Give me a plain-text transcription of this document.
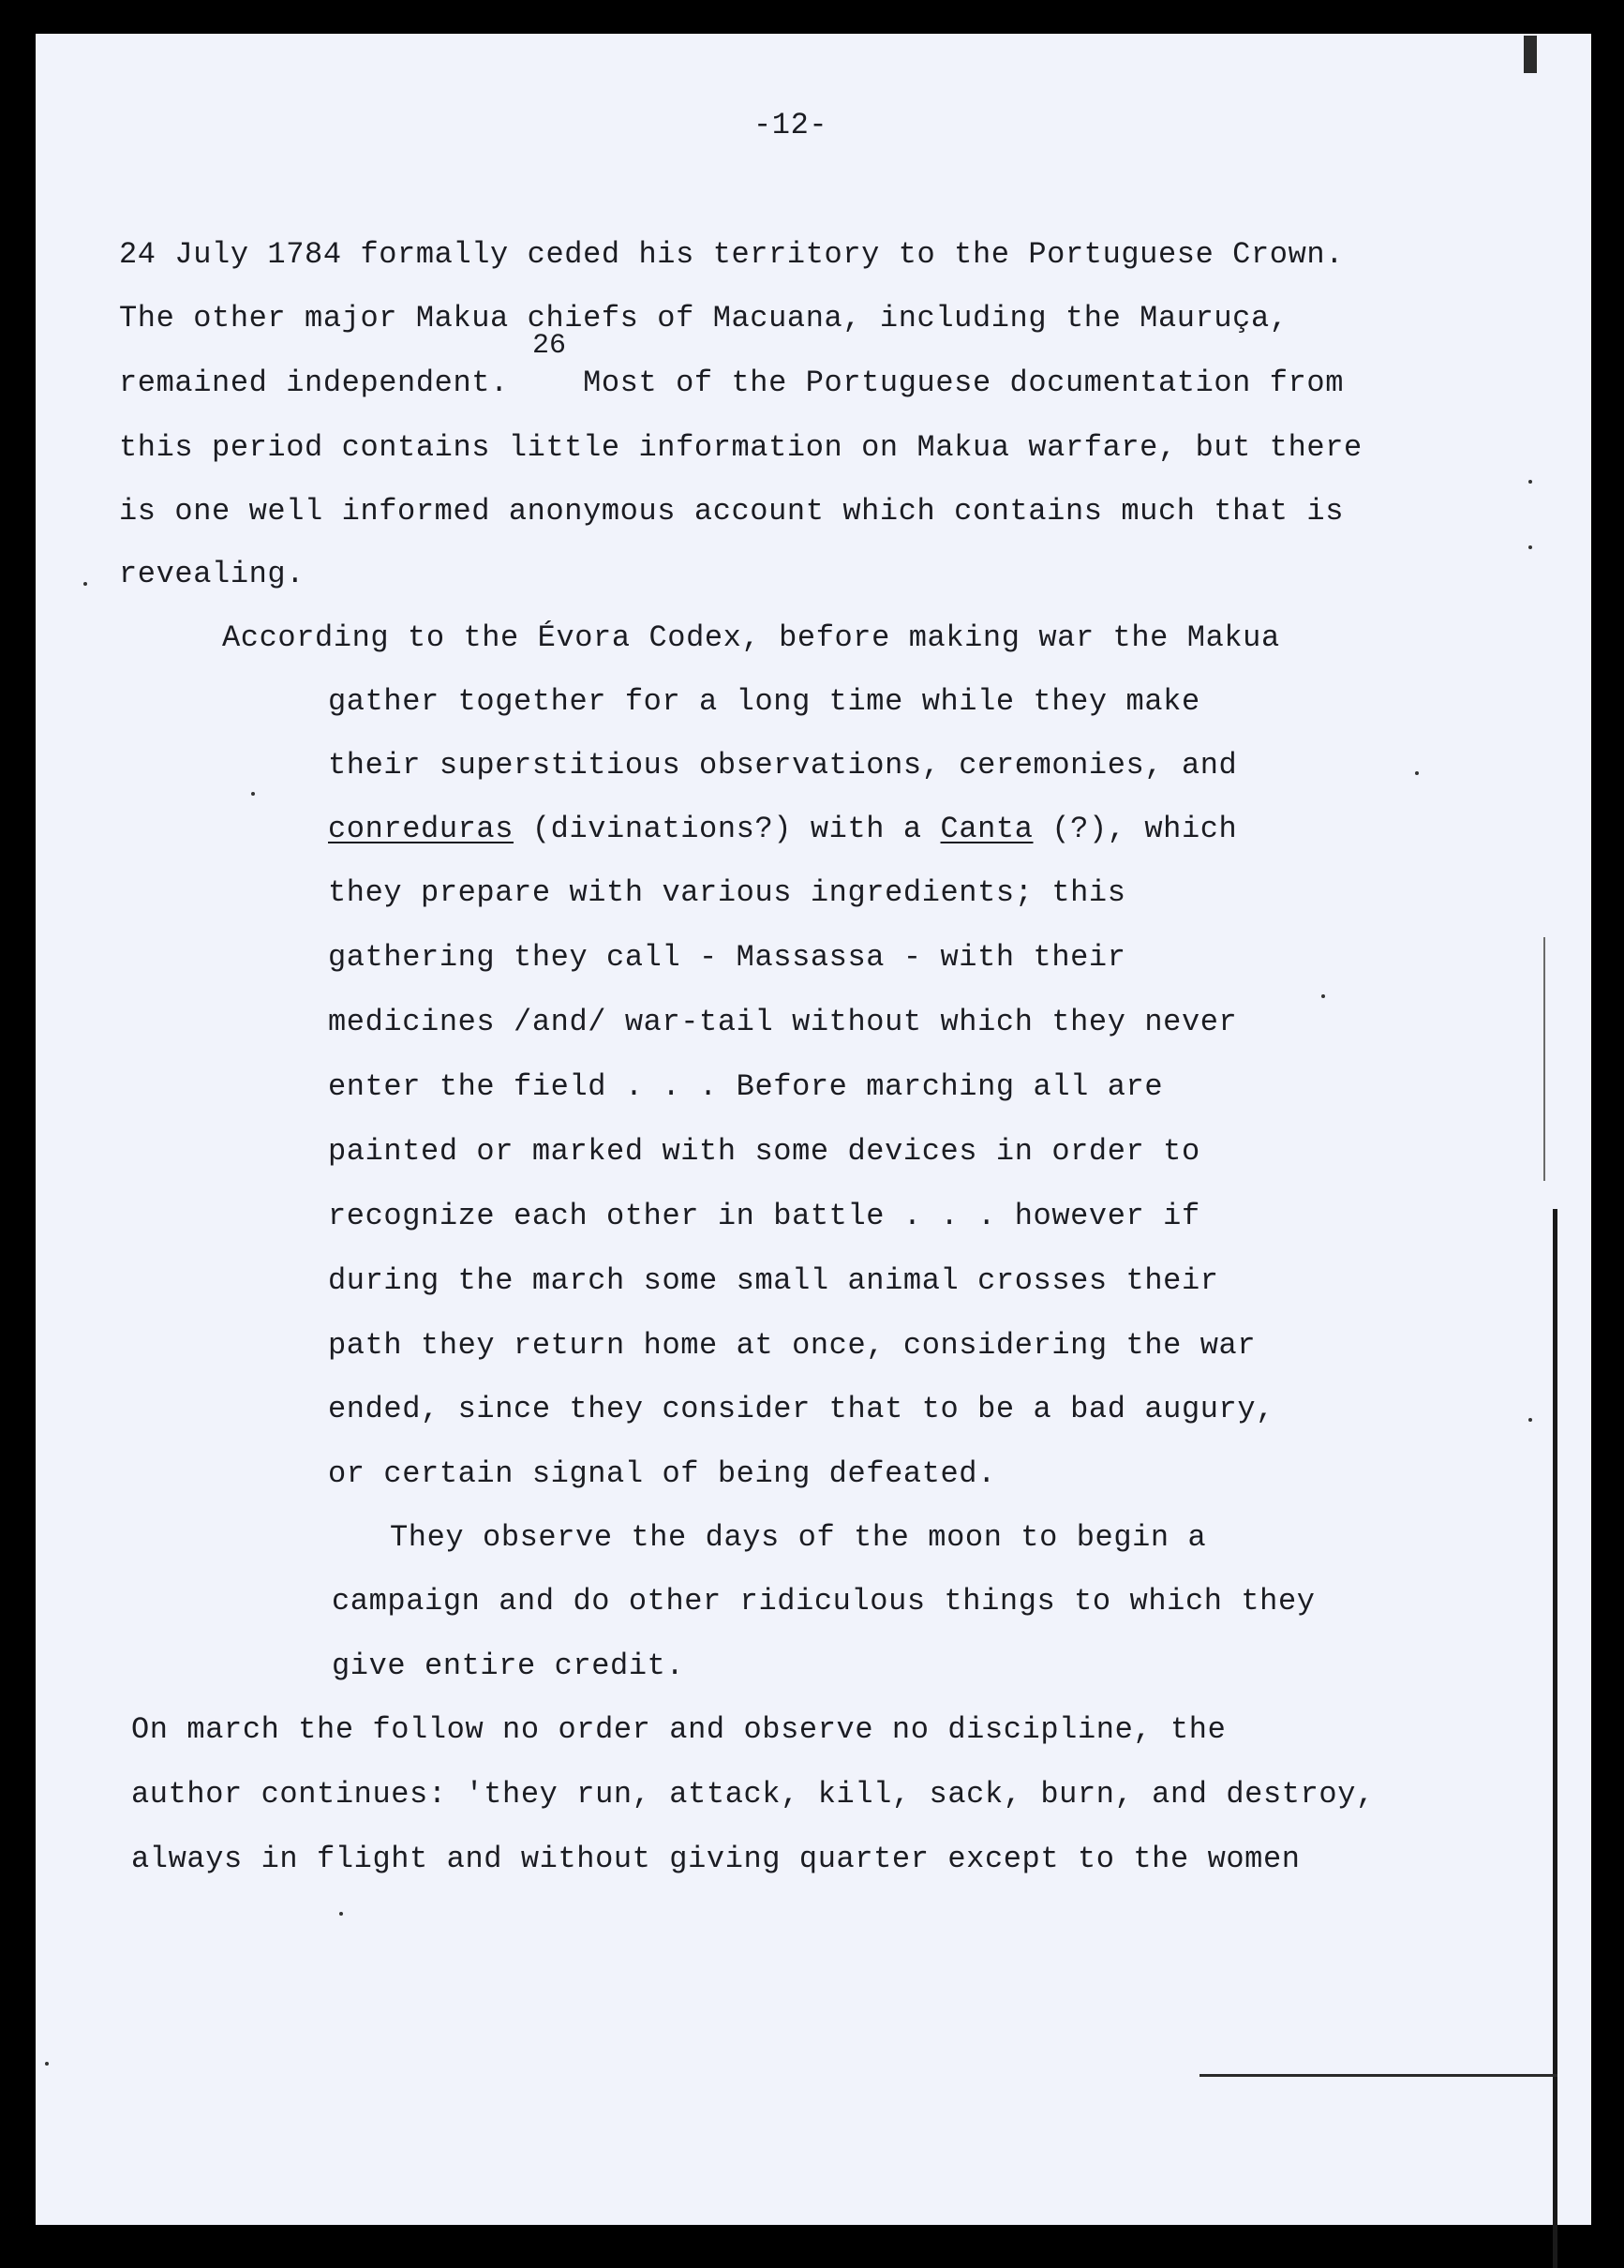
-12-
24 July 1784 formally ceded his territory to the Portuguese Crown.
The other major Makua chiefs of Macuana, including the Mauruça,
26
remained independent.    Most of the Portuguese documentation from
this period contains little information on Makua warfare, but there
is one well informed anonymous account which contains much that is
revealing.
According to the Évora Codex, before making war the Makua
gather together for a long time while they make
their superstitious observations, ceremonies, and
conreduras (divinations?) with a Canta (?), which
they prepare with various ingredients; this
gathering they call - Massassa - with their
medicines /and/ war-tail without which they never
enter the field . . . Before marching all are
painted or marked with some devices in order to
recognize each other in battle . . . however if
during the march some small animal crosses their
path they return home at once, considering the war
ended, since they consider that to be a bad augury,
or certain signal of being defeated.
They observe the days of the moon to begin a
campaign and do other ridiculous things to which they
give entire credit.
On march the follow no order and observe no discipline, the
author continues: 'they run, attack, kill, sack, burn, and destroy,
always in flight and without giving quarter except to the women
